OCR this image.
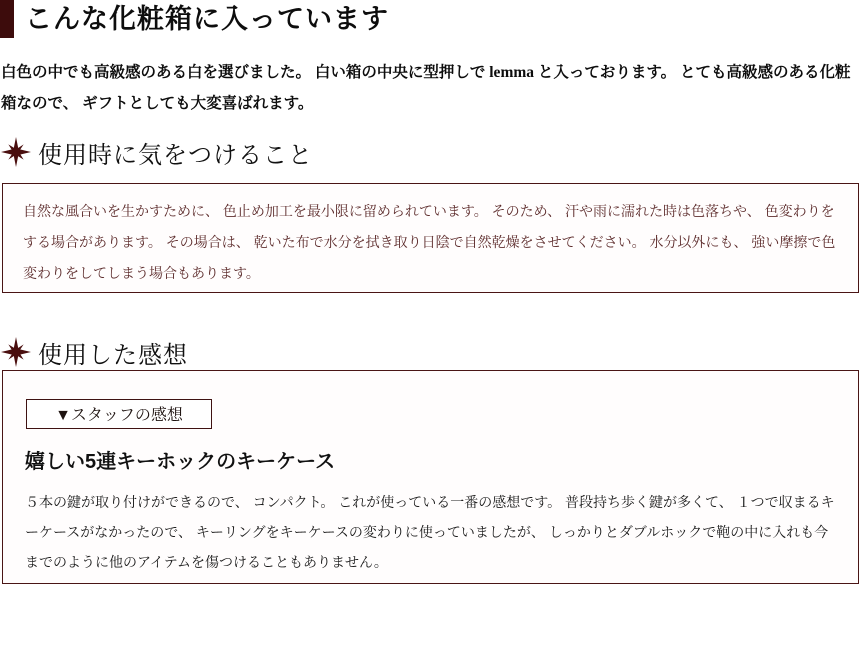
こんな化粧箱に入っています

白色の中でも高級感のある白を選びました。 白い箱の中央に型押しで lemma と入っております。 とても高級感のある化粧箱なので、 ギフトとしても大変喜ばれます。

使用時に気をつけること

自然な風合いを生かすために、 色止め加工を最小限に留められています。 そのため、 汗や雨に濡れた時は色落ちや、 色変わりをする場合があります。 その場合は、 乾いた布で水分を拭き取り日陰で自然乾燥をさせてください。 水分以外にも、 強い摩擦で色変わりをしてしまう場合もあります。

使用した感想
▼スタッフの感想
嬉しい5連キーホックのキーケース

５本の鍵が取り付けができるので、 コンパクト。 これが使っている一番の感想です。 普段持ち歩く鍵が多くて、 １つで収まるキーケースがなかったので、 キーリングをキーケースの変わりに使っていましたが、 しっかりとダブルホックで鞄の中に入れも今までのように他のアイテムを傷つけることもありません。
